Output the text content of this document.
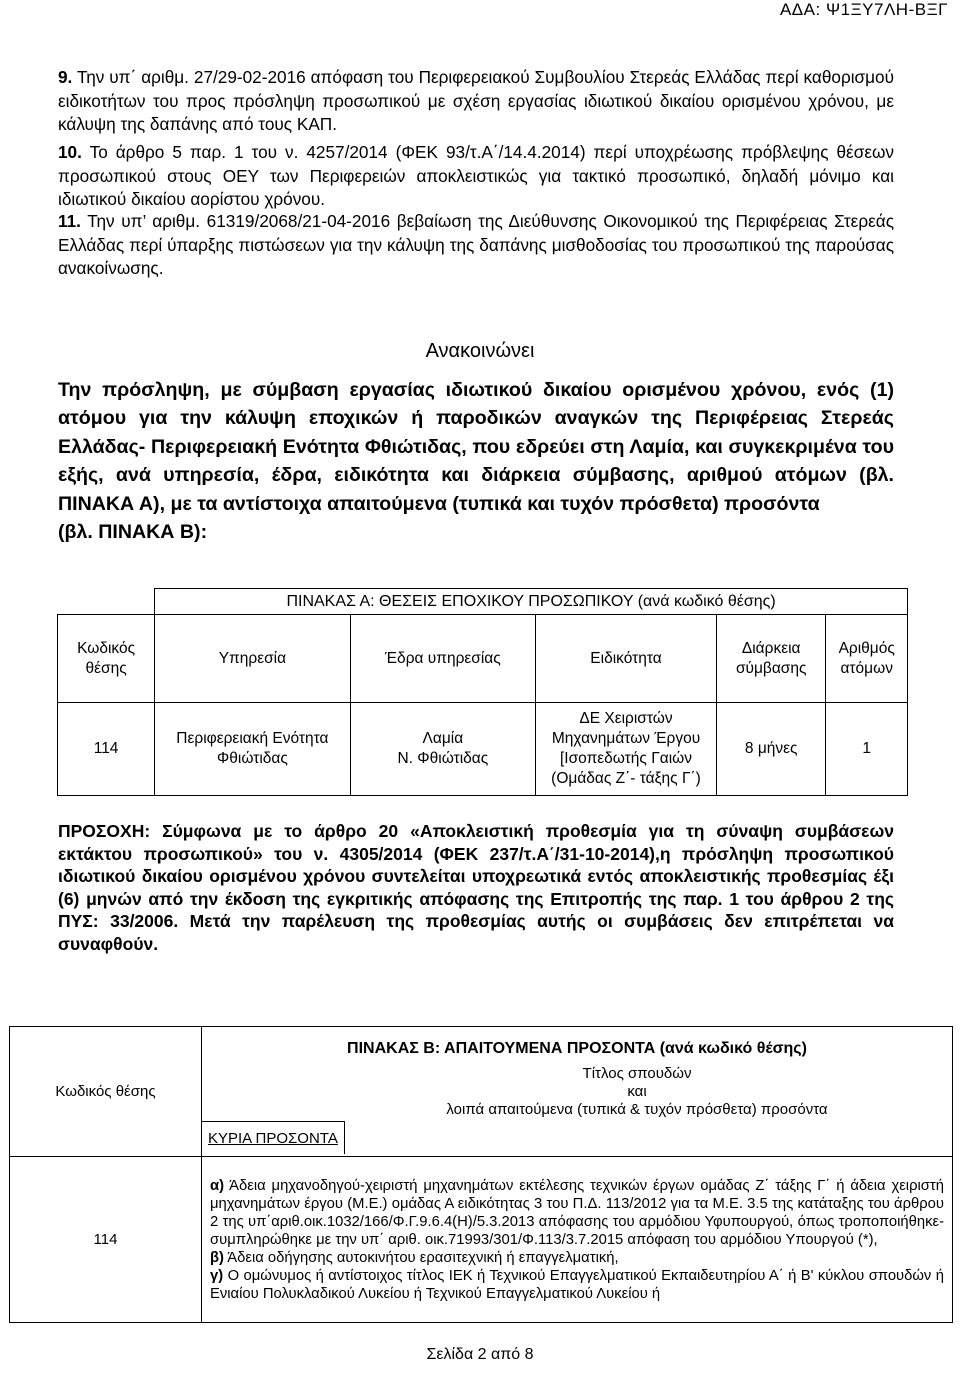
ΑΔΑ: Ψ1ΞΥ7ΛΗ-ΒΞΓ
9. Την υπ΄ αριθμ. 27/29-02-2016 απόφαση του Περιφερειακού Συμβουλίου Στερεάς Ελλάδας περί καθορισμού ειδικοτήτων του προς πρόσληψη προσωπικού με σχέση εργασίας ιδιωτικού δικαίου ορισμένου χρόνου, με κάλυψη της δαπάνης από τους ΚΑΠ.
10. Το άρθρο 5 παρ. 1 του ν. 4257/2014 (ΦΕΚ 93/τ.Α΄/14.4.2014) περί υποχρέωσης πρόβλεψης θέσεων προσωπικού στους ΟΕΥ των Περιφερειών αποκλειστικώς για τακτικό προσωπικό, δηλαδή μόνιμο και ιδιωτικού δικαίου αορίστου χρόνου.
11. Την υπ’ αριθμ. 61319/2068/21-04-2016 βεβαίωση της Διεύθυνσης Οικονομικού της Περιφέρειας Στερεάς Ελλάδας περί ύπαρξης πιστώσεων για την κάλυψη της δαπάνης μισθοδοσίας του προσωπικού της παρούσας ανακοίνωσης.
Ανακοινώνει
Την πρόσληψη, με σύμβαση εργασίας ιδιωτικού δικαίου ορισμένου χρόνου, ενός (1) ατόμου για την κάλυψη εποχικών ή παροδικών αναγκών της Περιφέρειας Στερεάς Ελλάδας- Περιφερειακή Ενότητα Φθιώτιδας, που εδρεύει στη Λαμία, και συγκεκριμένα του εξής, ανά υπηρεσία, έδρα, ειδικότητα και διάρκεια σύμβασης, αριθμού ατόμων (βλ. ΠΙΝΑΚΑ Α), με τα αντίστοιχα απαιτούμενα (τυπικά και τυχόν πρόσθετα) προσόντα
(βλ. ΠΙΝΑΚΑ Β):
	ΠΙΝΑΚΑΣ Α: ΘΕΣΕΙΣ ΕΠΟΧΙΚΟΥ ΠΡΟΣΩΠΙΚΟΥ (ανά κωδικό θέσης)				
Κωδικός
θέσης	Υπηρεσία	Έδρα υπηρεσίας	Ειδικότητα	Διάρκεια
σύμβασης	Αριθμός
ατόμων
114	Περιφερειακή Ενότητα
Φθιώτιδας	Λαμία
Ν. Φθιώτιδας	ΔΕ Χειριστών
Μηχανημάτων Έργου
[Ισοπεδωτής Γαιών
(Ομάδας Ζ΄- τάξης Γ΄)	8 μήνες	1
ΠΡΟΣΟΧΗ: Σύμφωνα με το άρθρο 20 «Αποκλειστική προθεσμία για τη σύναψη συμβάσεων εκτάκτου προσωπικού» του ν. 4305/2014 (ΦΕΚ 237/τ.Α΄/31-10-2014),η πρόσληψη προσωπικού ιδιωτικού δικαίου ορισμένου χρόνου συντελείται υποχρεωτικά εντός αποκλειστικής προθεσμίας έξι (6) μηνών από την έκδοση της εγκριτικής απόφασης της Επιτροπής της παρ. 1 του άρθρου 2 της ΠΥΣ: 33/2006. Μετά την παρέλευση της προθεσμίας αυτής οι συμβάσεις δεν επιτρέπεται να συναφθούν.
Κωδικός θέσης	ΠΙΝΑΚΑΣ Β: ΑΠΑΙΤΟΥΜΕΝΑ ΠΡΟΣΟΝΤΑ (ανά κωδικό θέσης)
	Τίτλος σπουδών
και
λοιπά απαιτούμενα (τυπικά & τυχόν πρόσθετα) προσόντα
	ΚΥΡΙΑ ΠΡΟΣΟΝΤΑ
114	α) Άδεια μηχανοδηγού-χειριστή μηχανημάτων εκτέλεσης τεχνικών έργων ομάδας Ζ΄ τάξης Γ΄ ή άδεια χειριστή μηχανημάτων έργου (Μ.Ε.) ομάδας Α ειδικότητας 3 του Π.Δ. 113/2012 για τα Μ.Ε. 3.5 της κατάταξης του άρθρου 2 της υπ΄αριθ.οικ.1032/166/Φ.Γ.9.6.4(Η)/5.3.2013 απόφασης του αρμόδιου Υφυπουργού, όπως τροποποιήθηκε-συμπληρώθηκε με την υπ΄ αριθ. οικ.71993/301/Φ.113/3.7.2015 απόφαση του αρμόδιου Υπουργού (*),
β) Άδεια οδήγησης αυτοκινήτου ερασιτεχνική ή επαγγελματική,
γ) Ο ομώνυμος ή αντίστοιχος τίτλος ΙΕΚ ή Τεχνικού Επαγγελματικού Εκπαιδευτηρίου Α΄ ή Β' κύκλου σπουδών ή Ενιαίου Πολυκλαδικού Λυκείου ή Τεχνικού Επαγγελματικού Λυκείου ή
Σελίδα 2 από 8
